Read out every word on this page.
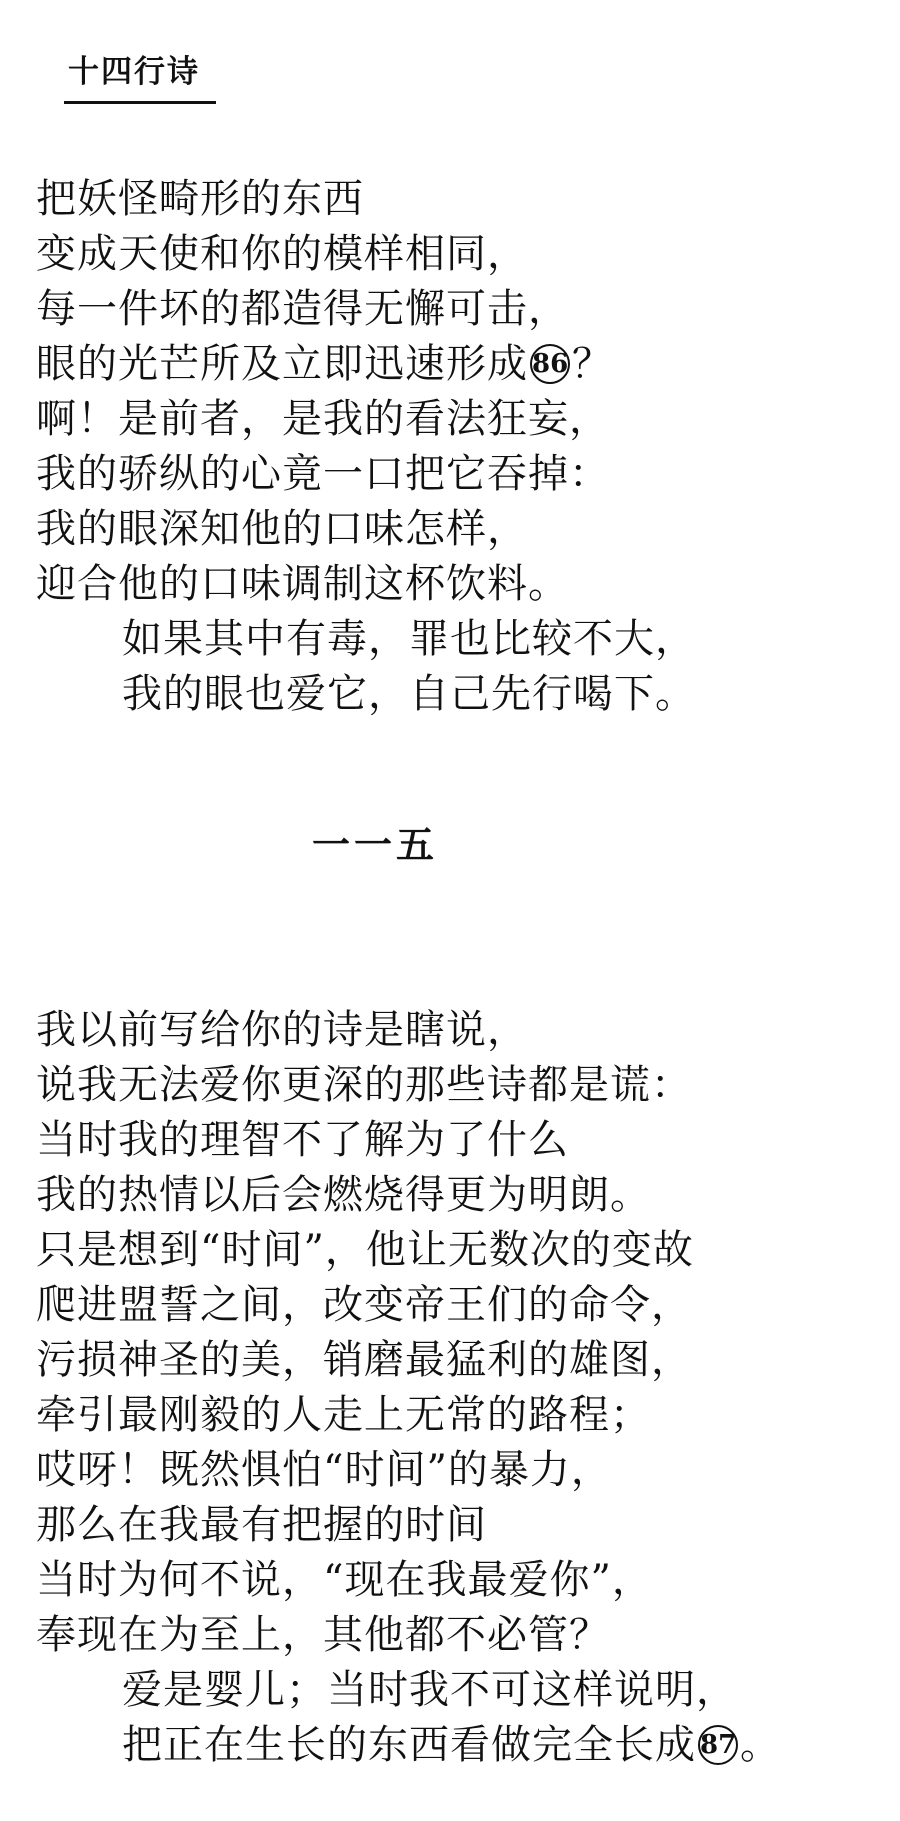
十四行诗
把妖怪畸形的东西
变成天使和你的模样相同，
每一件坏的都造得无懈可击，
眼的光芒所及立即迅速形成 86？
啊！是前者，是我的看法狂妄，
我的骄纵的心竟一口把它吞掉：
我的眼深知他的口味怎样，
迎合他的口味调制这杯饮料。
如果其中有毒，罪也比较不大，
我的眼也爱它，自己先行喝下。
一一五
我以前写给你的诗是瞎说，
说我无法爱你更深的那些诗都是谎：
当时我的理智不了解为了什么
我的热情以后会燃烧得更为明朗。
只是想到“时间”，他让无数次的变故
爬进盟誓之间，改变帝王们的命令，
污损神圣的美，销磨最猛利的雄图，
牵引最刚毅的人走上无常的路程；
哎呀！既然惧怕“时间”的暴力，
那么在我最有把握的时间
当时为何不说，“现在我最爱你”，
奉现在为至上，其他都不必管？
爱是婴儿；当时我不可这样说明，
把正在生长的东西看做完全长成 87。
